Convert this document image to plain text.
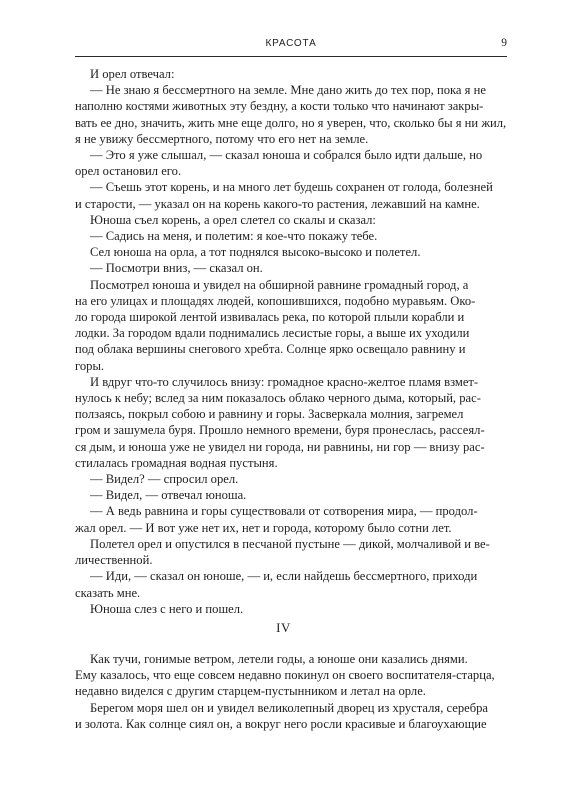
КРАСОТА	9

И орел отвечал:

— Не знаю я бессмертного на земле. Мне дано жить до тех пор, пока я не
наполню костями животных эту бездну, а кости только что начинают закры-
вать ее дно, значить, жить мне еще долго, но я уверен, что, сколько бы я ни жил,
я не увижу бессмертного, потому что его нет на земле.

— Это я уже слышал, — сказал юноша и собрался было идти дальше, но
орел остановил его.

— Съешь этот корень, и на много лет будешь сохранен от голода, болезней
и старости, — указал он на корень какого-то растения, лежавший на камне.

Юноша съел корень, а орел слетел со скалы и сказал:

— Садись на меня, и полетим: я кое-что покажу тебе.

Сел юноша на орла, а тот поднялся высоко-высоко и полетел.

— Посмотри вниз, — сказал он.

Посмотрел юноша и увидел на обширной равнине громадный город, а
на его улицах и площадях людей, копошившихся, подобно муравьям. Око-
ло города широкой лентой извивалась река, по которой плыли корабли и
лодки. За городом вдали поднимались лесистые горы, а выше их уходили
под облака вершины снегового хребта. Солнце ярко освещало равнину и
горы.

И вдруг что-то случилось внизу: громадное красно-желтое пламя взмет-
нулось к небу; вслед за ним показалось облако черного дыма, который, рас-
ползаясь, покрыл собою и равнину и горы. Засверкала молния, загремел
гром и зашумела буря. Прошло немного времени, буря пронеслась, рассеял-
ся дым, и юноша уже не увидел ни города, ни равнины, ни гор — внизу рас-
стилалась громадная водная пустыня.

— Видел? — спросил орел.

— Видел, — отвечал юноша.

— А ведь равнина и горы существовали от сотворения мира, — продол-
жал орел. — И вот уже нет их, нет и города, которому было сотни лет.

Полетел орел и опустился в песчаной пустыне — дикой, молчаливой и ве-
личественной.

— Иди, — сказал он юноше, — и, если найдешь бессмертного, приходи
сказать мне.

Юноша слез с него и пошел.

IV

Как тучи, гонимые ветром, летели годы, а юноше они казались днями.
Ему казалось, что еще совсем недавно покинул он своего воспитателя-старца,
недавно виделся с другим старцем-пустынником и летал на орле.

Берегом моря шел он и увидел великолепный дворец из хрусталя, серебра
и золота. Как солнце сиял он, а вокруг него росли красивые и благоухающие
